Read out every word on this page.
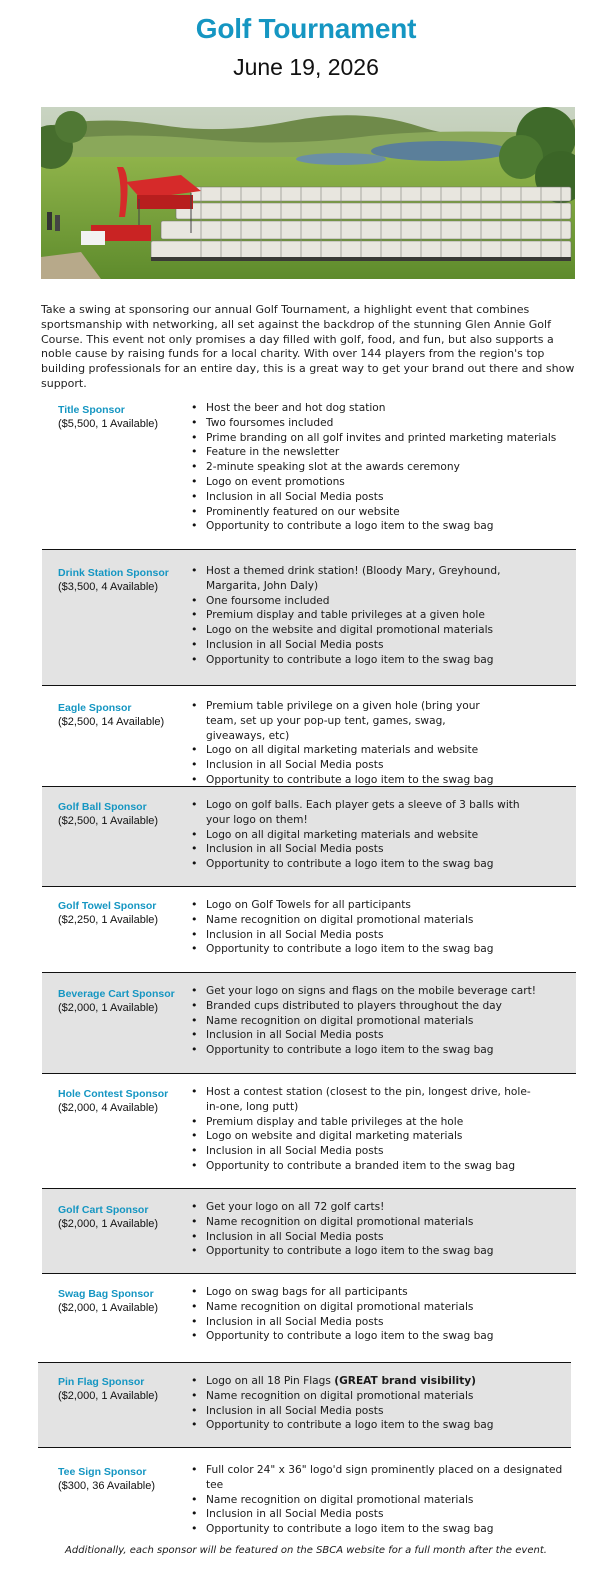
Golf Tournament
June 19, 2026
Take a swing at sponsoring our annual Golf Tournament, a highlight event that combines sportsmanship with networking, all set against the backdrop of the stunning Glen Annie Golf Course. This event not only promises a day filled with golf, food, and fun, but also supports a noble cause by raising funds for a local charity. With over 144 players from the region's top building professionals for an entire day, this is a great way to get your brand out there and show support.
Title Sponsor
($5,500, 1 Available)
• Host the beer and hot dog station
• Two foursomes included
• Prime branding on all golf invites and printed marketing materials
• Feature in the newsletter
• 2-minute speaking slot at the awards ceremony
• Logo on event promotions
• Inclusion in all Social Media posts
• Prominently featured on our website
• Opportunity to contribute a logo item to the swag bag
Drink Station Sponsor
($3,500, 4 Available)
• Host a themed drink station! (Bloody Mary, Greyhound, Margarita, John Daly)
• One foursome included
• Premium display and table privileges at a given hole
• Logo on the website and digital promotional materials
• Inclusion in all Social Media posts
• Opportunity to contribute a logo item to the swag bag
Eagle Sponsor
($2,500, 14 Available)
• Premium table privilege on a given hole (bring your team, set up your pop-up tent, games, swag, giveaways, etc)
• Logo on all digital marketing materials and website
• Inclusion in all Social Media posts
• Opportunity to contribute a logo item to the swag bag
Golf Ball Sponsor
($2,500, 1 Available)
• Logo on golf balls. Each player gets a sleeve of 3 balls with your logo on them!
• Logo on all digital marketing materials and website
• Inclusion in all Social Media posts
• Opportunity to contribute a logo item to the swag bag
Golf Towel Sponsor
($2,250, 1 Available)
• Logo on Golf Towels for all participants
• Name recognition on digital promotional materials
• Inclusion in all Social Media posts
• Opportunity to contribute a logo item to the swag bag
Beverage Cart Sponsor
($2,000, 1 Available)
• Get your logo on signs and flags on the mobile beverage cart!
• Branded cups distributed to players throughout the day
• Name recognition on digital promotional materials
• Inclusion in all Social Media posts
• Opportunity to contribute a logo item to the swag bag
Hole Contest Sponsor
($2,000, 4 Available)
• Host a contest station (closest to the pin, longest drive, hole-in-one, long putt)
• Premium display and table privileges at the hole
• Logo on website and digital marketing materials
• Inclusion in all Social Media posts
• Opportunity to contribute a branded item to the swag bag
Golf Cart Sponsor
($2,000, 1 Available)
• Get your logo on all 72 golf carts!
• Name recognition on digital promotional materials
• Inclusion in all Social Media posts
• Opportunity to contribute a logo item to the swag bag
Swag Bag Sponsor
($2,000, 1 Available)
• Logo on swag bags for all participants
• Name recognition on digital promotional materials
• Inclusion in all Social Media posts
• Opportunity to contribute a logo item to the swag bag
Pin Flag Sponsor
($2,000, 1 Available)
• Logo on all 18 Pin Flags (GREAT brand visibility)
• Name recognition on digital promotional materials
• Inclusion in all Social Media posts
• Opportunity to contribute a logo item to the swag bag
Tee Sign Sponsor
($300, 36 Available)
• Full color 24" x 36" logo'd sign prominently placed on a designated tee
• Name recognition on digital promotional materials
• Inclusion in all Social Media posts
• Opportunity to contribute a logo item to the swag bag
Additionally, each sponsor will be featured on the SBCA website for a full month after the event.
